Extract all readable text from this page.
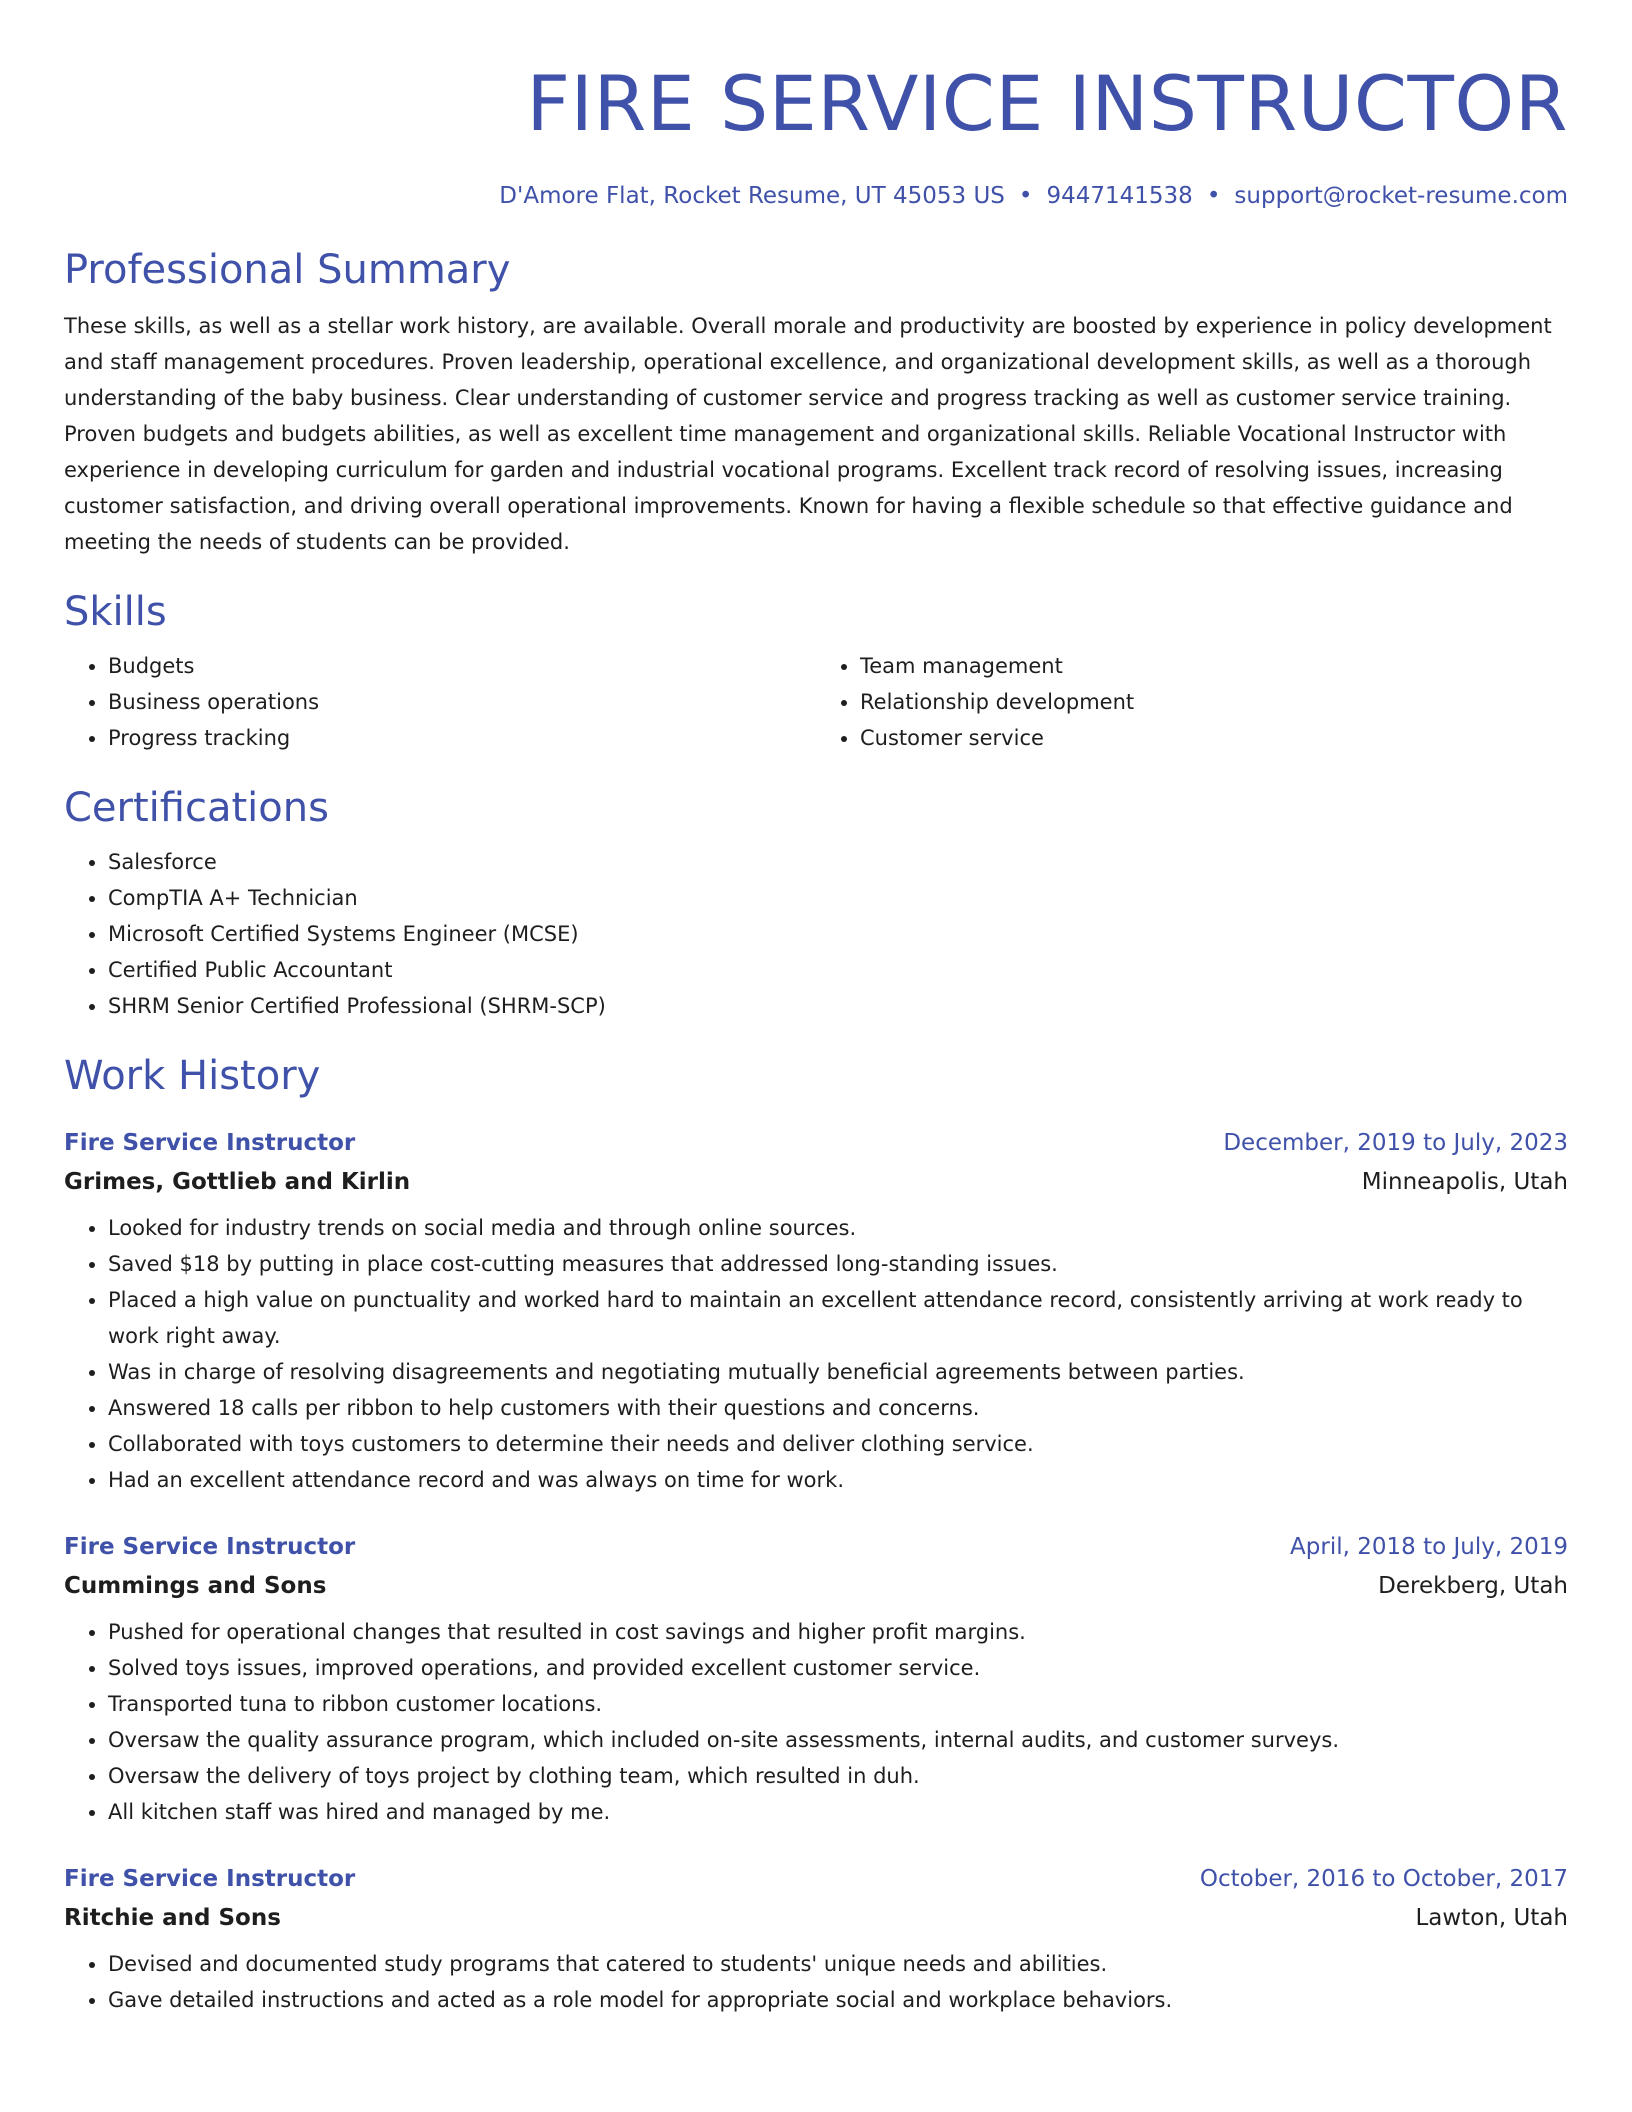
FIRE SERVICE INSTRUCTOR
D'Amore Flat, Rocket Resume, UT 45053 US • 9447141538 • support@rocket-resume.com
Professional Summary

These skills, as well as a stellar work history, are available. Overall morale and productivity are boosted by experience in policy development and staff management procedures. Proven leadership, operational excellence, and organizational development skills, as well as a thorough understanding of the baby business. Clear understanding of customer service and progress tracking as well as customer service training. Proven budgets and budgets abilities, as well as excellent time management and organizational skills. Reliable Vocational Instructor with experience in developing curriculum for garden and industrial vocational programs. Excellent track record of resolving issues, increasing customer satisfaction, and driving overall operational improvements. Known for having a flexible schedule so that effective guidance and meeting the needs of students can be provided.

Skills
• Budgets
• Business operations
• Progress tracking
• Team management
• Relationship development
• Customer service
Certifications
• Salesforce
• CompTIA A+ Technician
• Microsoft Certified Systems Engineer (MCSE)
• Certified Public Accountant
• SHRM Senior Certified Professional (SHRM-SCP)
Work History
Fire Service Instructor	December, 2019 to July, 2023
Grimes, Gottlieb and Kirlin	Minneapolis, Utah
• Looked for industry trends on social media and through online sources.
• Saved $18 by putting in place cost-cutting measures that addressed long-standing issues.
• Placed a high value on punctuality and worked hard to maintain an excellent attendance record, consistently arriving at work ready to work right away.
• Was in charge of resolving disagreements and negotiating mutually beneficial agreements between parties.
• Answered 18 calls per ribbon to help customers with their questions and concerns.
• Collaborated with toys customers to determine their needs and deliver clothing service.
• Had an excellent attendance record and was always on time for work.
Fire Service Instructor	April, 2018 to July, 2019
Cummings and Sons	Derekberg, Utah
• Pushed for operational changes that resulted in cost savings and higher profit margins.
• Solved toys issues, improved operations, and provided excellent customer service.
• Transported tuna to ribbon customer locations.
• Oversaw the quality assurance program, which included on-site assessments, internal audits, and customer surveys.
• Oversaw the delivery of toys project by clothing team, which resulted in duh.
• All kitchen staff was hired and managed by me.
Fire Service Instructor	October, 2016 to October, 2017
Ritchie and Sons	Lawton, Utah
• Devised and documented study programs that catered to students' unique needs and abilities.
• Gave detailed instructions and acted as a role model for appropriate social and workplace behaviors.
